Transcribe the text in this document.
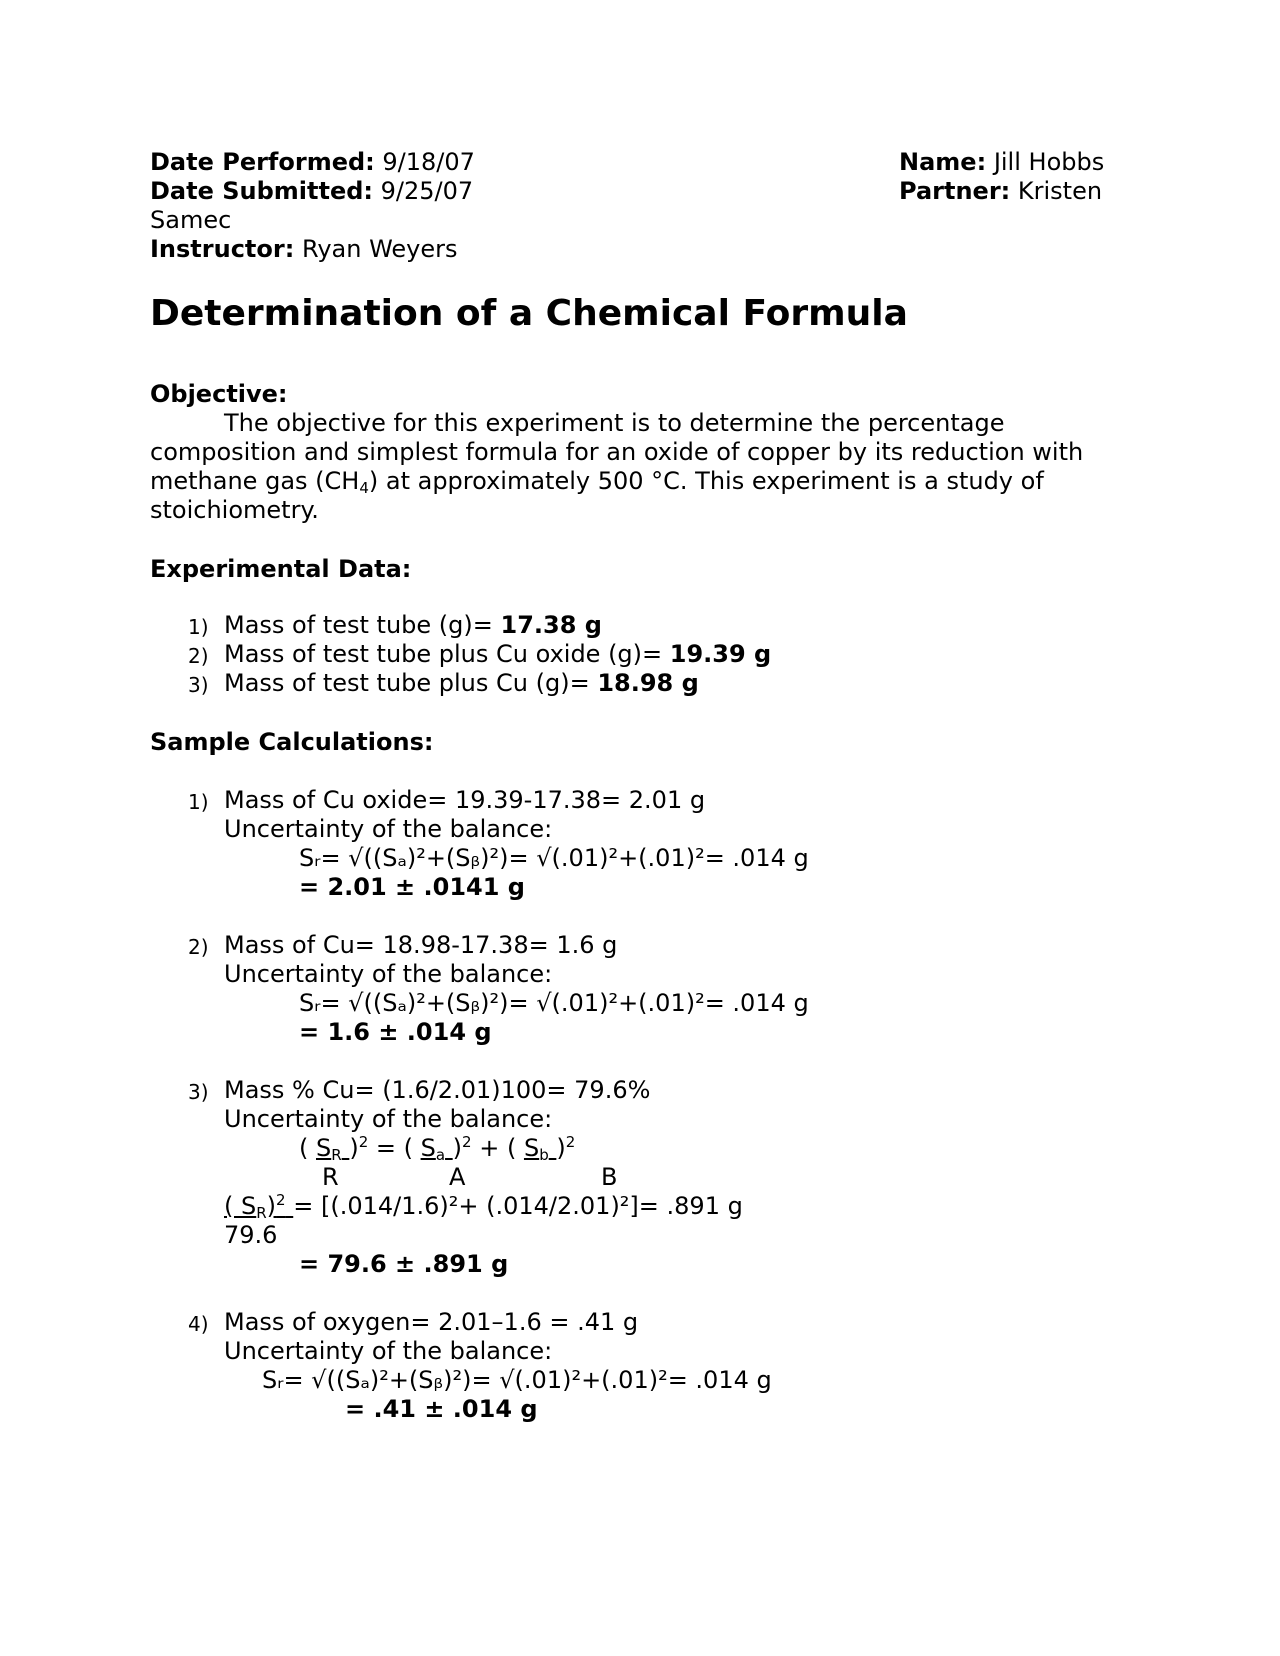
Date Performed: 9/18/07
Date Submitted: 9/25/07
Samec
Instructor: Ryan Weyers
Name: Jill Hobbs
Partner: Kristen
Determination of a Chemical Formula
Objective:
The objective for this experiment is to determine the percentage composition and simplest formula for an oxide of copper by its reduction with methane gas $(CH_4)$ at approximately 500 °C. This experiment is a study of stoichiometry.
Experimental Data:
1) Mass of test tube (g)= 17.38 g
2) Mass of test tube plus Cu oxide (g)= 19.39 g
3) Mass of test tube plus Cu (g)= 18.98 g
Sample Calculations:
1) Mass of Cu oxide= 19.39-17.38= 2.01 g
Uncertainty of the balance:
Sᵣ= √((Sₐ)²+(Sᵦ)²)= √(.01)²+(.01)²= .014 g
= 2.01 ± .0141 g
2) Mass of Cu= 18.98-17.38= 1.6 g
Uncertainty of the balance:
Sᵣ= √((Sₐ)²+(Sᵦ)²)= √(.01)²+(.01)²= .014 g
= 1.6 ± .014 g
3) Mass % Cu= (1.6/2.01)100= 79.6%
Uncertainty of the balance:
( $S_R$ )$^2$ = ( $S_a$ )$^2$ + ( $S_b$ )$^2$
R	A	B
( $S_R)^2 = [(.014/1.6)^2+ (.014/2.01)^2]= .891$ g
79.6
= 79.6 ± .891 g
4) Mass of oxygen= 2.01–1.6 = .41 g
Uncertainty of the balance:
Sᵣ= √((Sₐ)²+(Sᵦ)²)= √(.01)²+(.01)²= .014 g
= .41 ± .014 g
